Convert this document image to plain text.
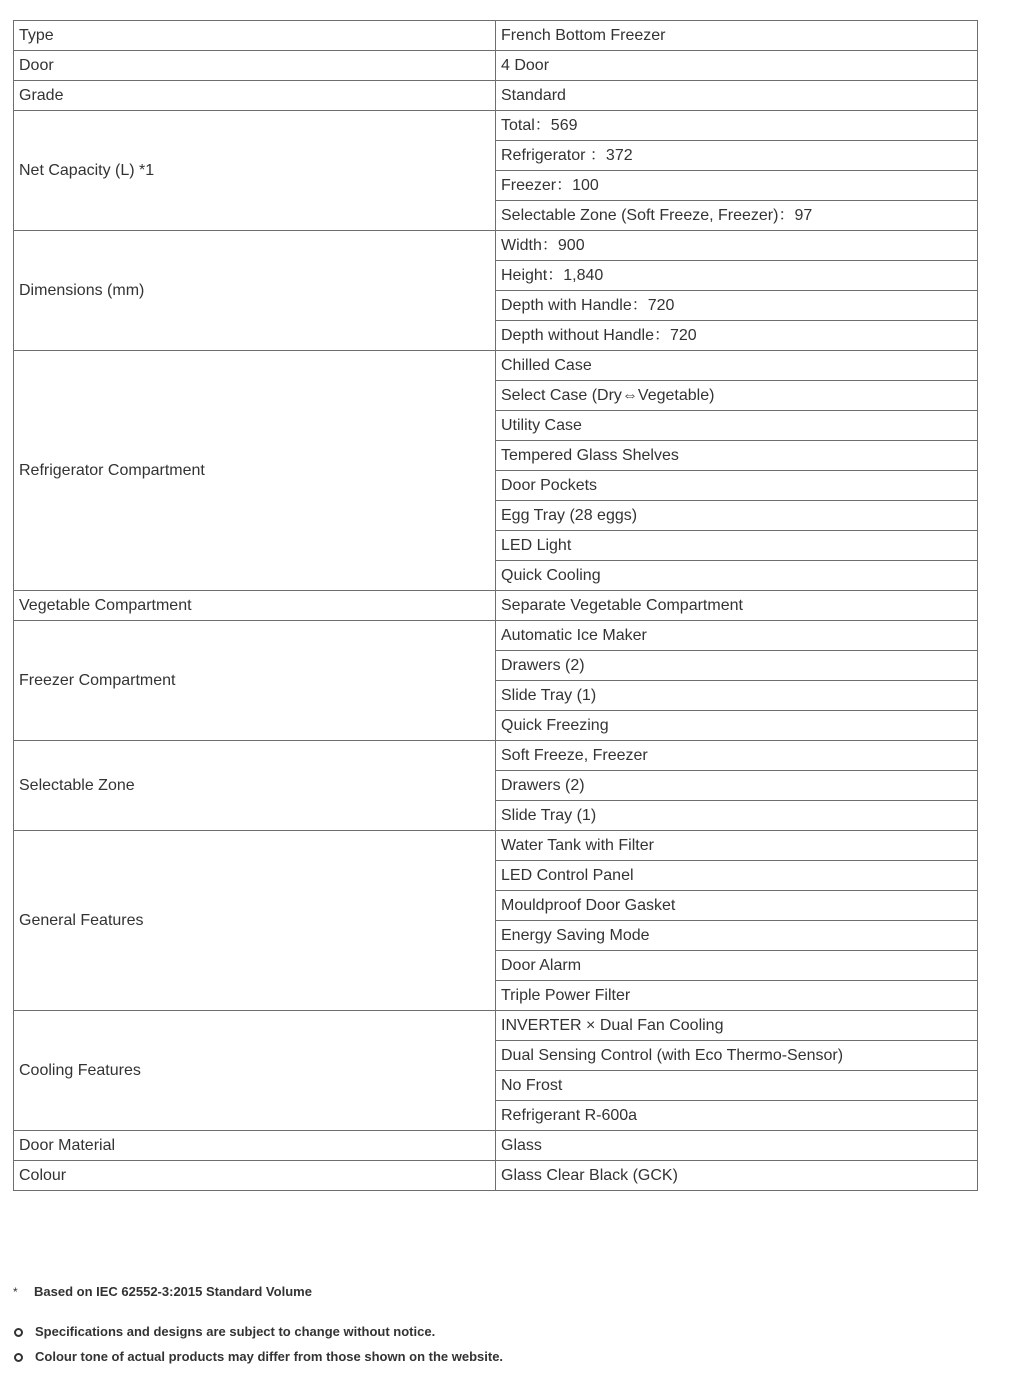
Type	French Bottom Freezer
Door	4 Door
Grade	Standard
Net Capacity (L) *1	Total：569
	Refrigerator ：372
	Freezer：100
	Selectable Zone (Soft Freeze, Freezer)：97
Dimensions (mm)	Width：900
	Height：1,840
	Depth with Handle：720
	Depth without Handle：720
Refrigerator Compartment	Chilled Case
	Select Case (Dry⇔Vegetable)
	Utility Case
	Tempered Glass Shelves
	Door Pockets
	Egg Tray (28 eggs)
	LED Light
	Quick Cooling
Vegetable Compartment	Separate Vegetable Compartment
Freezer Compartment	Automatic Ice Maker
	Drawers (2)
	Slide Tray (1)
	Quick Freezing
Selectable Zone	Soft Freeze, Freezer
	Drawers (2)
	Slide Tray (1)
General Features	Water Tank with Filter
	LED Control Panel
	Mouldproof Door Gasket
	Energy Saving Mode
	Door Alarm
	Triple Power Filter
Cooling Features	INVERTER × Dual Fan Cooling
	Dual Sensing Control (with Eco Thermo-Sensor)
	No Frost
	Refrigerant R-600a
Door Material	Glass
Colour	Glass Clear Black (GCK)
*	Based on IEC 62552-3:2015 Standard Volume
Specifications and designs are subject to change without notice.
Colour tone of actual products may differ from those shown on the website.
